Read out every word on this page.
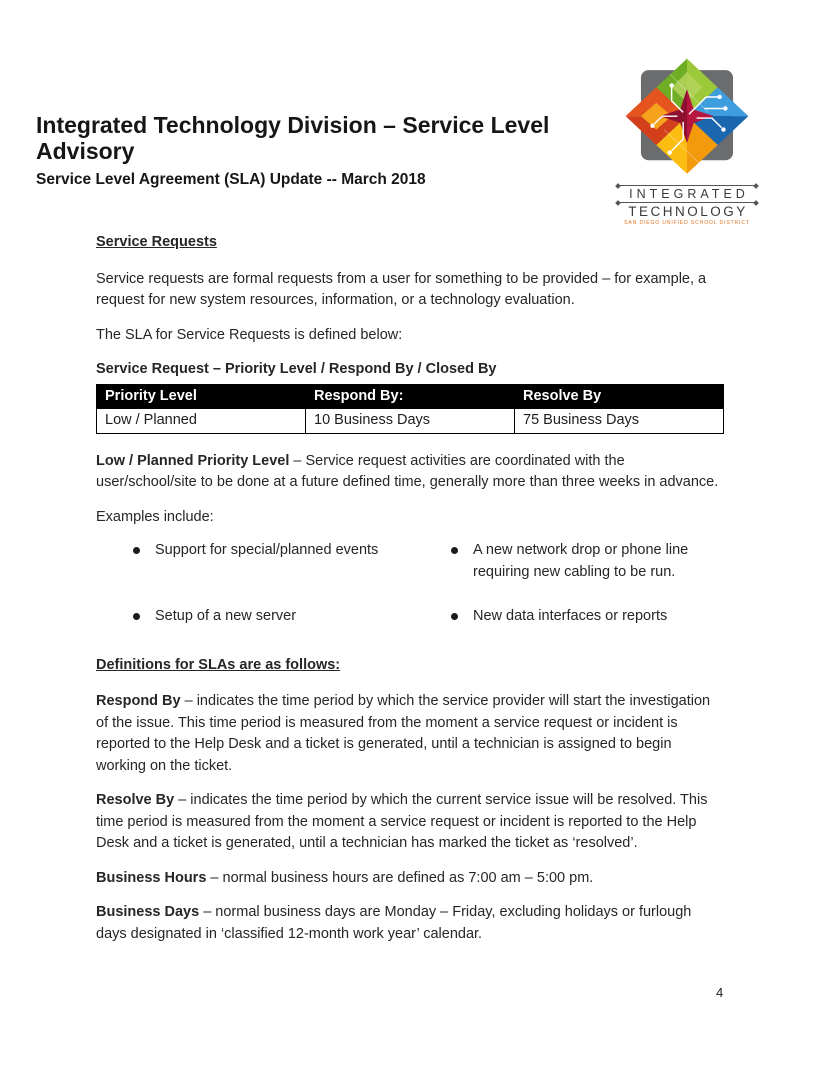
Integrated Technology Division – Service Level Advisory
Service Level Agreement (SLA) Update -- March 2018
INTEGRATED
TECHNOLOGY
SAN DIEGO UNIFIED SCHOOL DISTRICT
Service Requests

Service requests are formal requests from a user for something to be provided – for example, a request for new system resources, information, or a technology evaluation.

The SLA for Service Requests is defined below:

Service Request – Priority Level / Respond By / Closed By

Priority Level	Respond By:	Resolve By
Low / Planned	10 Business Days	75 Business Days

Low / Planned Priority Level – Service request activities are coordinated with the user/school/site to be done at a future defined time, generally more than three weeks in advance.

Examples include:

Support for special/planned events	A new network drop or phone line requiring new cabling to be run.
Setup of a new server	New data interfaces or reports
Definitions for SLAs are as follows:

Respond By – indicates the time period by which the service provider will start the investigation of the issue. This time period is measured from the moment a service request or incident is reported to the Help Desk and a ticket is generated, until a technician is assigned to begin working on the ticket.

Resolve By – indicates the time period by which the current service issue will be resolved. This time period is measured from the moment a service request or incident is reported to the Help Desk and a ticket is generated, until a technician has marked the ticket as ‘resolved’.

Business Hours – normal business hours are defined as 7:00 am – 5:00 pm.

Business Days – normal business days are Monday – Friday, excluding holidays or furlough days designated in ‘classified 12-month work year’ calendar.

4
